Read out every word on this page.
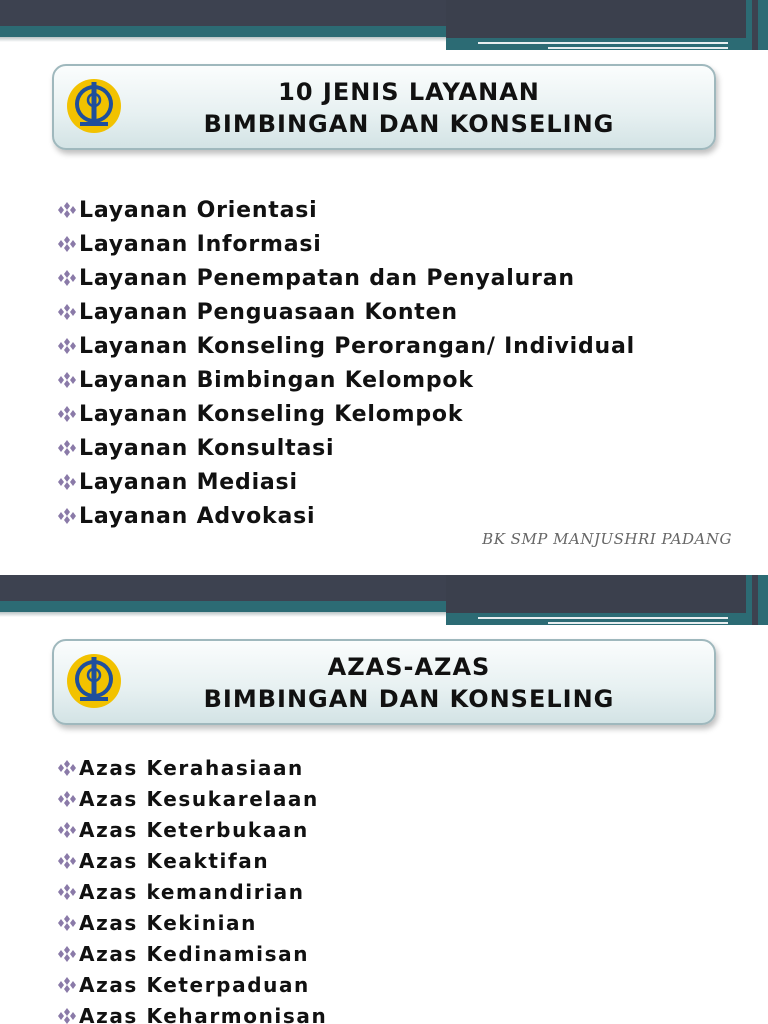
10 JENIS LAYANAN
BIMBINGAN DAN KONSELING
Layanan Orientasi
Layanan Informasi
Layanan Penempatan dan Penyaluran
Layanan Penguasaan Konten
Layanan Konseling Perorangan/ Individual
Layanan Bimbingan Kelompok
Layanan Konseling Kelompok
Layanan Konsultasi
Layanan Mediasi
Layanan Advokasi
BK SMP MANJUSHRI PADANG
AZAS-AZAS
BIMBINGAN DAN KONSELING
Azas Kerahasiaan
Azas Kesukarelaan
Azas Keterbukaan
Azas Keaktifan
Azas kemandirian
Azas Kekinian
Azas Kedinamisan
Azas Keterpaduan
Azas Keharmonisan
